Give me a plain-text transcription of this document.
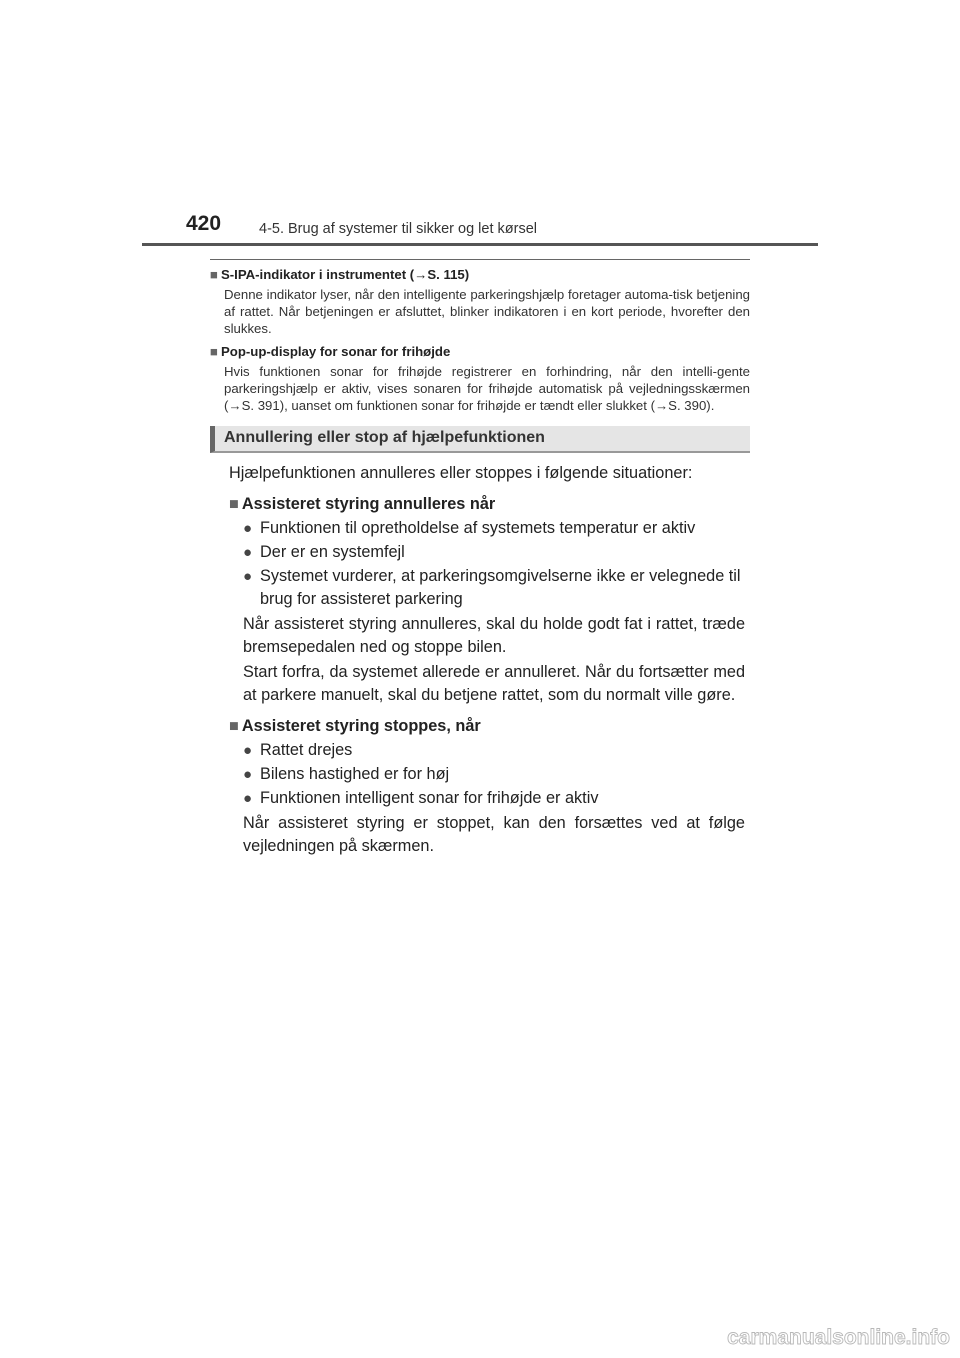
420	4-5. Brug af systemer til sikker og let kørsel
■ S-IPA-indikator i instrumentet (→S. 115)
Denne indikator lyser, når den intelligente parkeringshjælp foretager automa-tisk betjening af rattet. Når betjeningen er afsluttet, blinker indikatoren i en kort periode, hvorefter den slukkes.
■ Pop-up-display for sonar for frihøjde
Hvis funktionen sonar for frihøjde registrerer en forhindring, når den intelli-gente parkeringshjælp er aktiv, vises sonaren for frihøjde automatisk på vejledningsskærmen (→S. 391), uanset om funktionen sonar for frihøjde er tændt eller slukket (→S. 390).
Annullering eller stop af hjælpefunktionen
Hjælpefunktionen annulleres eller stoppes i følgende situationer:
■ Assisteret styring annulleres når
● Funktionen til opretholdelse af systemets temperatur er aktiv
● Der er en systemfejl
● Systemet vurderer, at parkeringsomgivelserne ikke er velegnede til brug for assisteret parkering
Når assisteret styring annulleres, skal du holde godt fat i rattet, træde bremsepedalen ned og stoppe bilen.
Start forfra, da systemet allerede er annulleret. Når du fortsætter med at parkere manuelt, skal du betjene rattet, som du normalt ville gøre.
■ Assisteret styring stoppes, når
● Rattet drejes
● Bilens hastighed er for høj
● Funktionen intelligent sonar for frihøjde er aktiv
Når assisteret styring er stoppet, kan den forsættes ved at følge vejledningen på skærmen.
carmanualsonline.info
